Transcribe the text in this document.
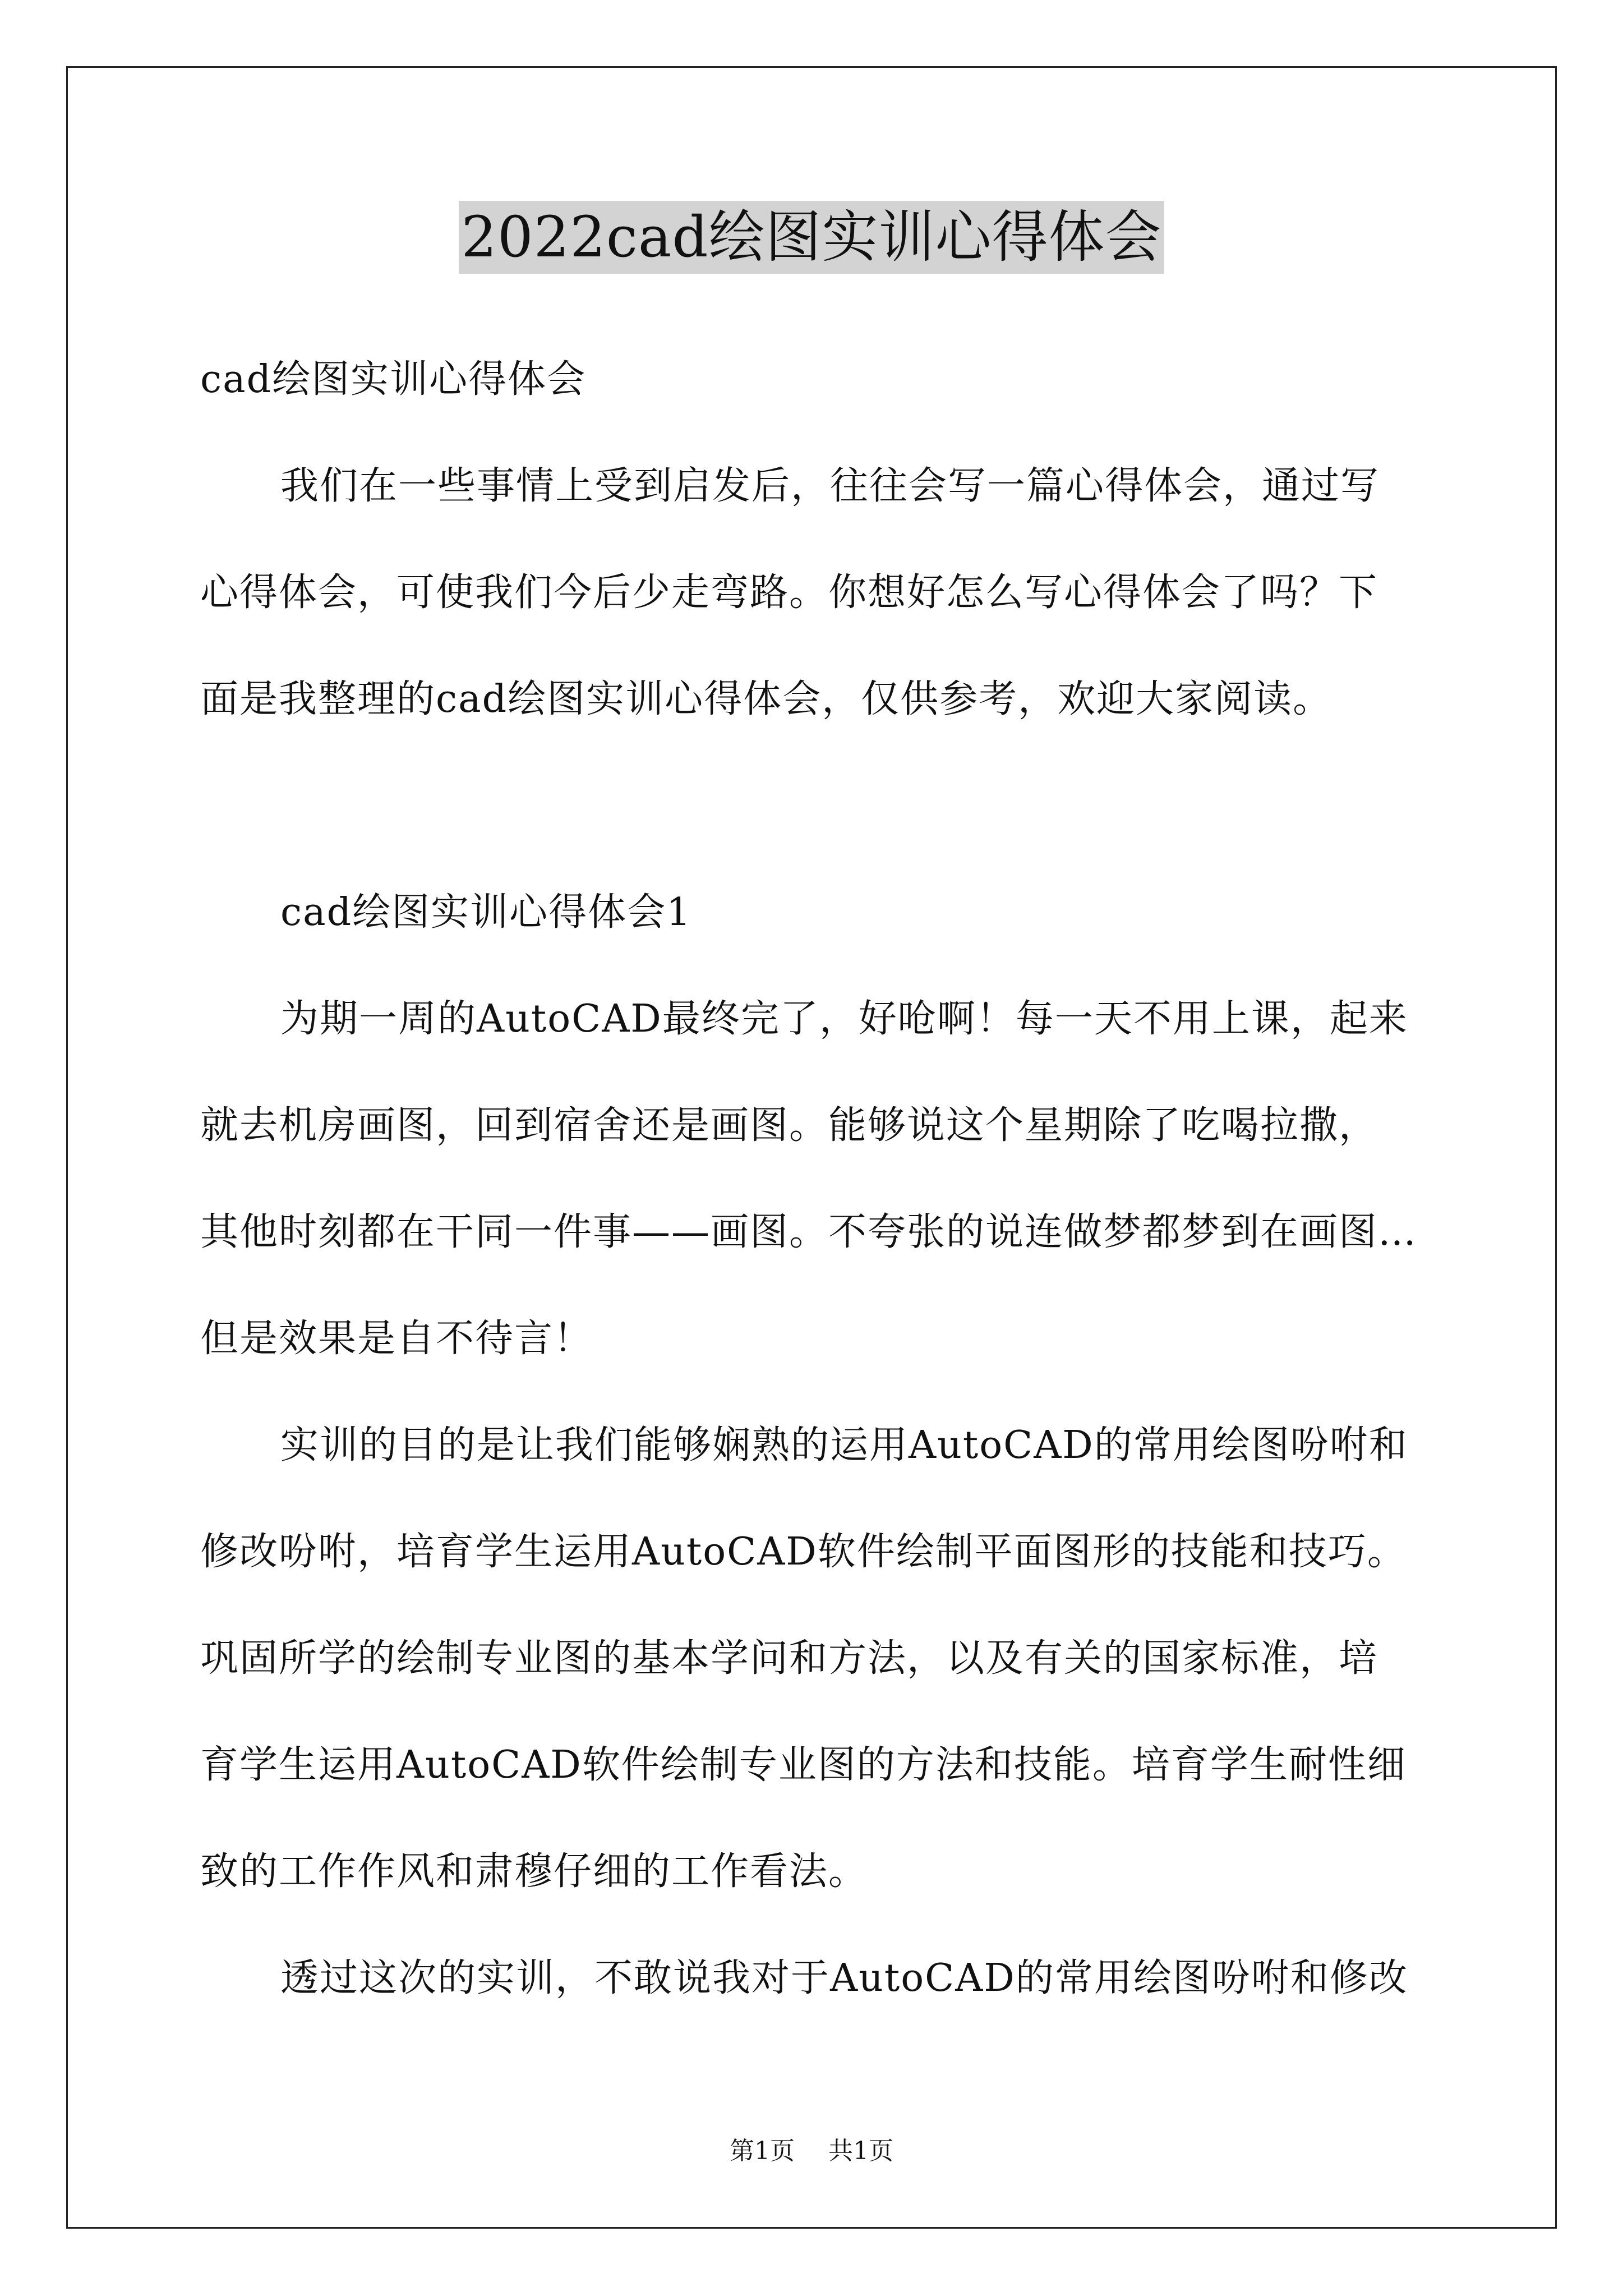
2022cad绘图实训心得体会
cad绘图实训心得体会
我们在一些事情上受到启发后，往往会写一篇心得体会，通过写
心得体会，可使我们今后少走弯路。你想好怎么写心得体会了吗？下
面是我整理的cad绘图实训心得体会，仅供参考，欢迎大家阅读。
cad绘图实训心得体会1
为期一周的AutoCAD最终完了，好呛啊！每一天不用上课，起来
就去机房画图，回到宿舍还是画图。能够说这个星期除了吃喝拉撒，
其他时刻都在干同一件事——画图。不夸张的说连做梦都梦到在画图…
但是效果是自不待言！
实训的目的是让我们能够娴熟的运用AutoCAD的常用绘图吩咐和
修改吩咐，培育学生运用AutoCAD软件绘制平面图形的技能和技巧。
巩固所学的绘制专业图的基本学问和方法，以及有关的国家标准，培
育学生运用AutoCAD软件绘制专业图的方法和技能。培育学生耐性细
致的工作作风和肃穆仔细的工作看法。
透过这次的实训，不敢说我对于AutoCAD的常用绘图吩咐和修改
第1页 共1页
